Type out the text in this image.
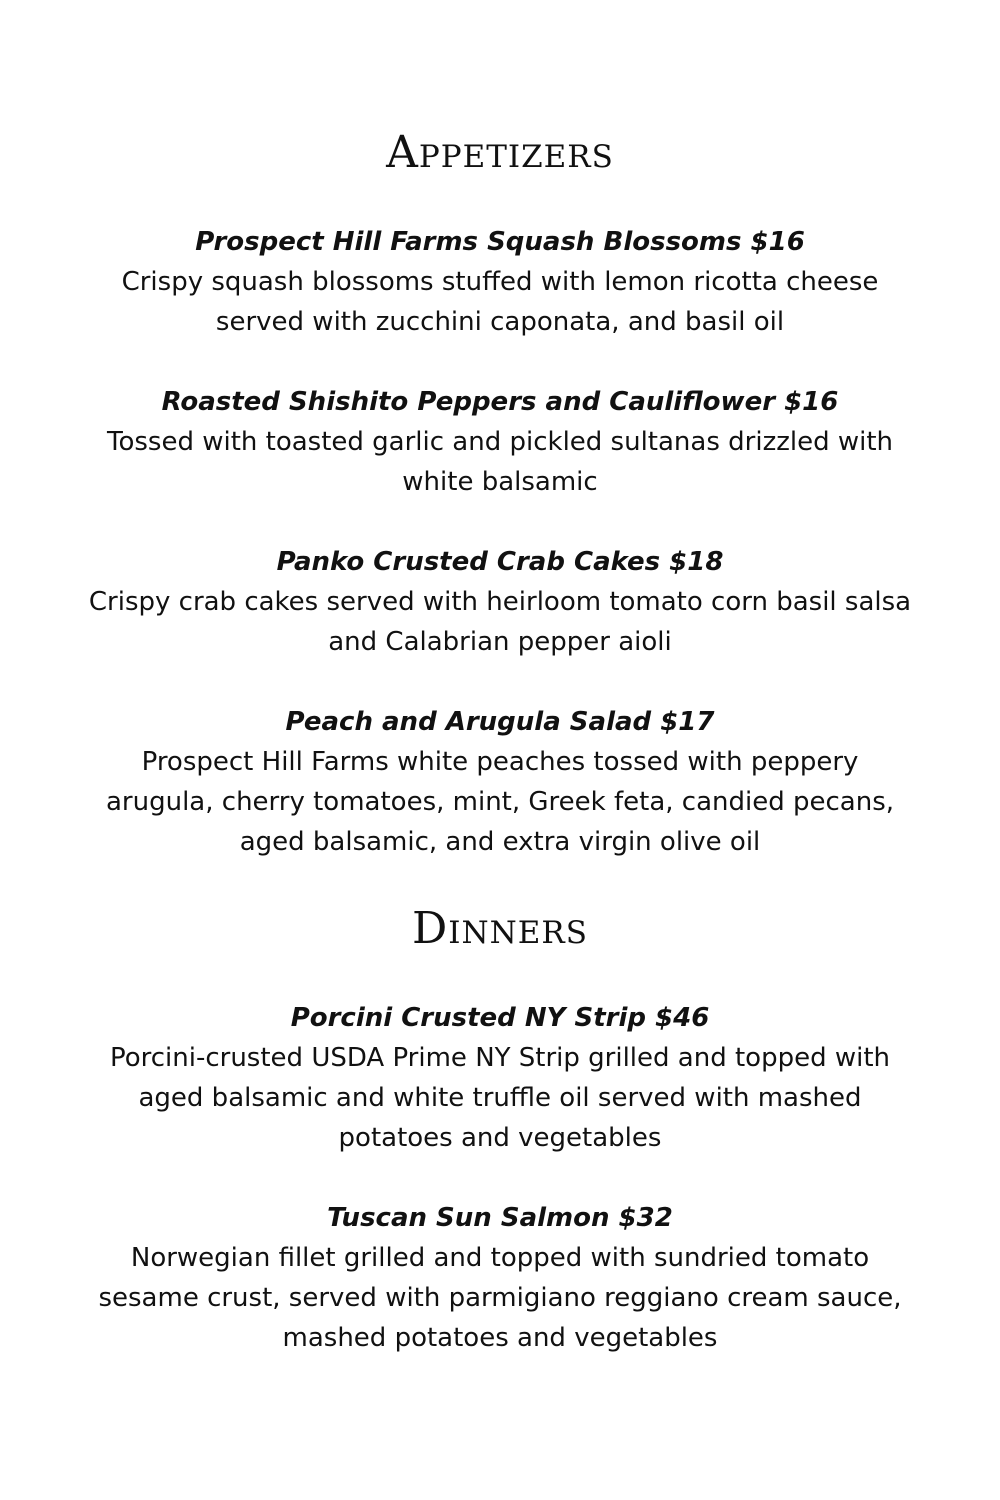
Appetizers

Prospect Hill Farms Squash Blossoms $16

Crispy squash blossoms stuffed with lemon ricotta cheese
served with zucchini caponata, and basil oil

Roasted Shishito Peppers and Cauliflower $16

Tossed with toasted garlic and pickled sultanas drizzled with
white balsamic

Panko Crusted Crab Cakes $18

Crispy crab cakes served with heirloom tomato corn basil salsa
and Calabrian pepper aioli

Peach and Arugula Salad $17

Prospect Hill Farms white peaches tossed with peppery
arugula, cherry tomatoes, mint, Greek feta, candied pecans,
aged balsamic, and extra virgin olive oil

Dinners

Porcini Crusted NY Strip $46

Porcini-crusted USDA Prime NY Strip grilled and topped with
aged balsamic and white truffle oil served with mashed
potatoes and vegetables

Tuscan Sun Salmon $32

Norwegian fillet grilled and topped with sundried tomato
sesame crust, served with parmigiano reggiano cream sauce,
mashed potatoes and vegetables
